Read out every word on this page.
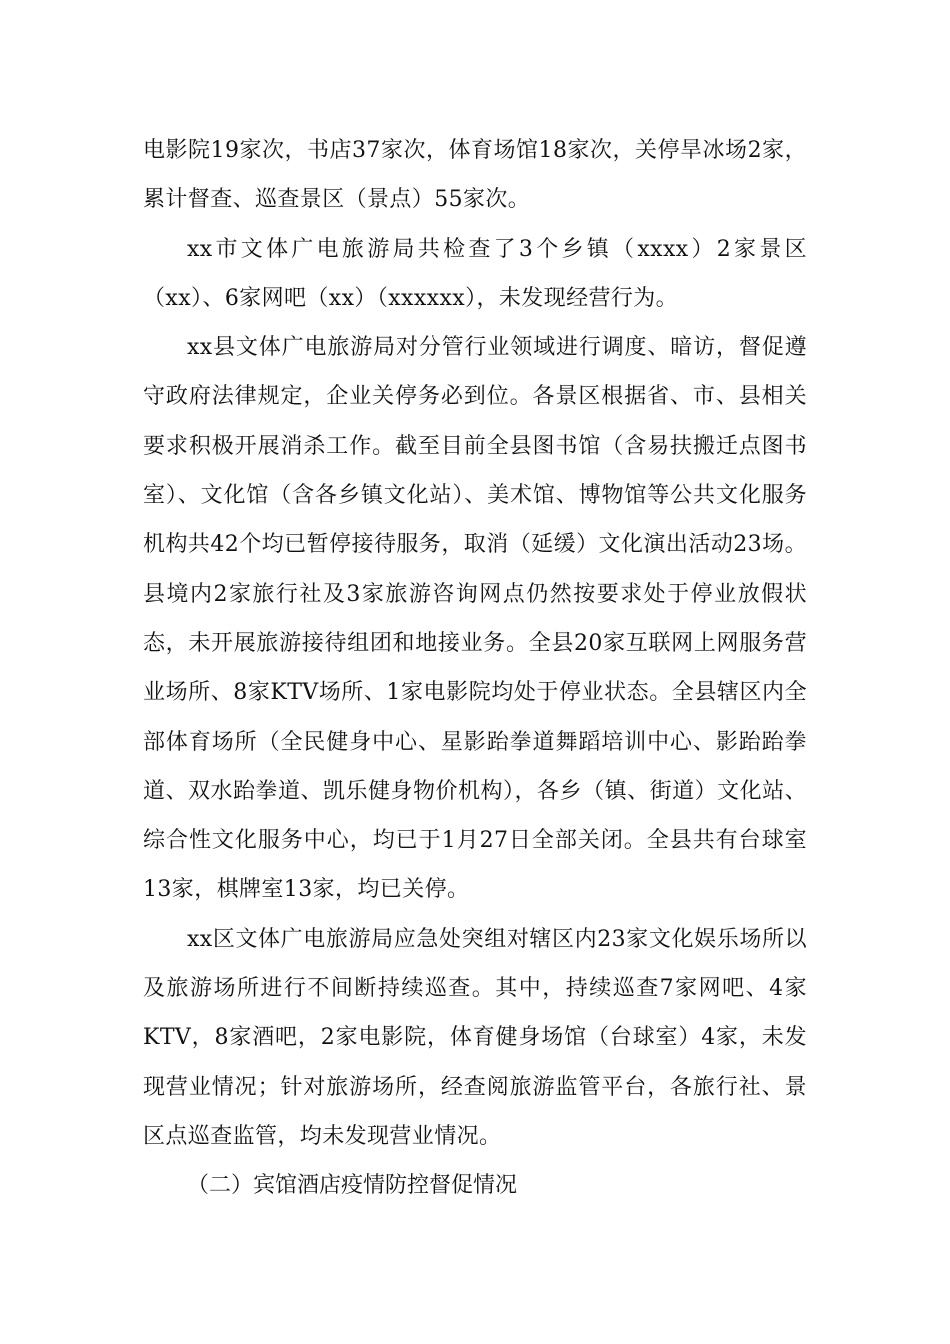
电影院19家次，书店37家次，体育场馆18家次，关停旱冰场2家，累计督查、巡查景区（景点）55家次。

xx市文体广电旅游局共检查了3个乡镇（xxxx）2家景区（xx）、6家网吧（xx）（xxxxxx），未发现经营行为。

xx县文体广电旅游局对分管行业领域进行调度、暗访，督促遵守政府法律规定，企业关停务必到位。各景区根据省、市、县相关要求积极开展消杀工作。截至目前全县图书馆（含易扶搬迁点图书室）、文化馆（含各乡镇文化站）、美术馆、博物馆等公共文化服务机构共42个均已暂停接待服务，取消（延缓）文化演出活动23场。县境内2家旅行社及3家旅游咨询网点仍然按要求处于停业放假状态，未开展旅游接待组团和地接业务。全县20家互联网上网服务营业场所、8家KTV场所、1家电影院均处于停业状态。全县辖区内全部体育场所（全民健身中心、星影跆拳道舞蹈培训中心、影跆跆拳道、双水跆拳道、凯乐健身物价机构），各乡（镇、街道）文化站、综合性文化服务中心，均已于1月27日全部关闭。全县共有台球室13家，棋牌室13家，均已关停。

xx区文体广电旅游局应急处突组对辖区内23家文化娱乐场所以及旅游场所进行不间断持续巡查。其中，持续巡查7家网吧、4家KTV，8家酒吧，2家电影院，体育健身场馆（台球室）4家，未发现营业情况；针对旅游场所，经查阅旅游监管平台，各旅行社、景区点巡查监管，均未发现营业情况。

（二）宾馆酒店疫情防控督促情况
